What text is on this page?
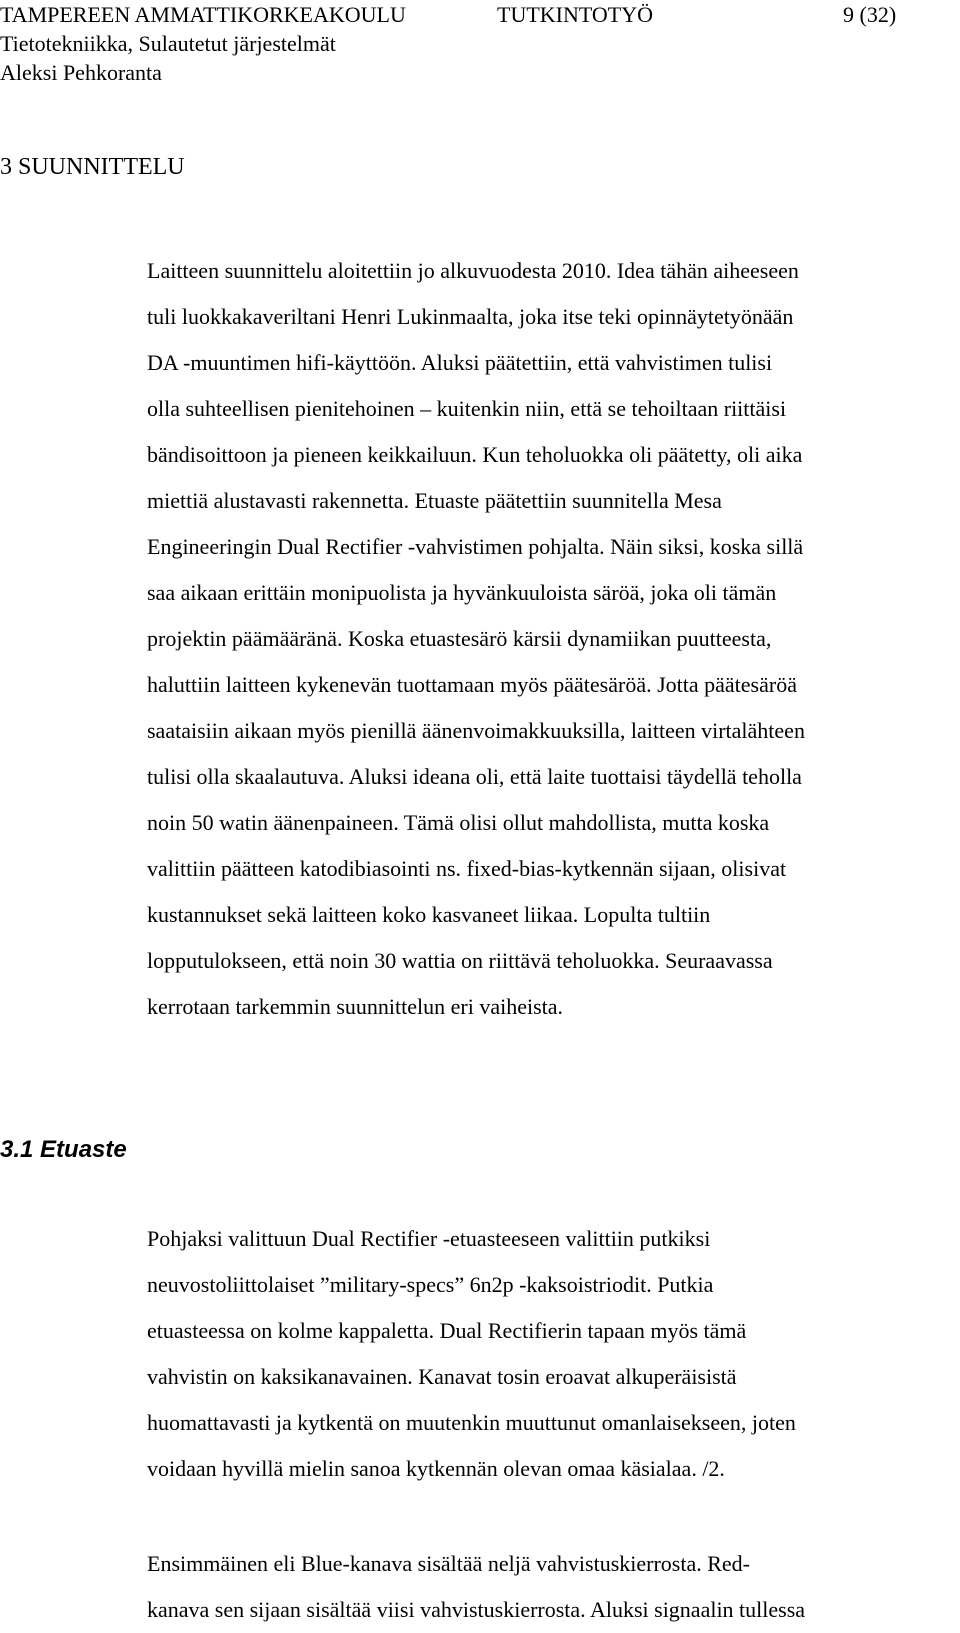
TAMPEREEN AMMATTIKORKEAKOULU	TUTKINTOTYÖ	9 (32)
Tietotekniikka, Sulautetut järjestelmät
Aleksi Pehkoranta
3 SUUNNITTELU
Laitteen suunnittelu aloitettiin jo alkuvuodesta 2010. Idea tähän aiheeseen
tuli luokkakaveriltani Henri Lukinmaalta, joka itse teki opinnäytetyönään
DA -muuntimen hifi-käyttöön. Aluksi päätettiin, että vahvistimen tulisi
olla suhteellisen pienitehoinen – kuitenkin niin, että se tehoiltaan riittäisi
bändisoittoon ja pieneen keikkailuun. Kun teholuokka oli päätetty, oli aika
miettiä alustavasti rakennetta. Etuaste päätettiin suunnitella Mesa
Engineeringin Dual Rectifier -vahvistimen pohjalta. Näin siksi, koska sillä
saa aikaan erittäin monipuolista ja hyvänkuuloista säröä, joka oli tämän
projektin päämääränä. Koska etuastesärö kärsii dynamiikan puutteesta,
haluttiin laitteen kykenevän tuottamaan myös päätesäröä. Jotta päätesäröä
saataisiin aikaan myös pienillä äänenvoimakkuuksilla, laitteen virtalähteen
tulisi olla skaalautuva. Aluksi ideana oli, että laite tuottaisi täydellä teholla
noin 50 watin äänenpaineen. Tämä olisi ollut mahdollista, mutta koska
valittiin päätteen katodibiasointi ns. fixed-bias-kytkennän sijaan, olisivat
kustannukset sekä laitteen koko kasvaneet liikaa. Lopulta tultiin
lopputulokseen, että noin 30 wattia on riittävä teholuokka. Seuraavassa
kerrotaan tarkemmin suunnittelun eri vaiheista.
3.1 Etuaste
Pohjaksi valittuun Dual Rectifier -etuasteeseen valittiin putkiksi
neuvostoliittolaiset ”military-specs” 6n2p -kaksoistriodit. Putkia
etuasteessa on kolme kappaletta. Dual Rectifierin tapaan myös tämä
vahvistin on kaksikanavainen. Kanavat tosin eroavat alkuperäisistä
huomattavasti ja kytkentä on muutenkin muuttunut omanlaisekseen, joten
voidaan hyvillä mielin sanoa kytkennän olevan omaa käsialaa. /2.
Ensimmäinen eli Blue-kanava sisältää neljä vahvistuskierrosta. Red-
kanava sen sijaan sisältää viisi vahvistuskierrosta. Aluksi signaalin tullessa
